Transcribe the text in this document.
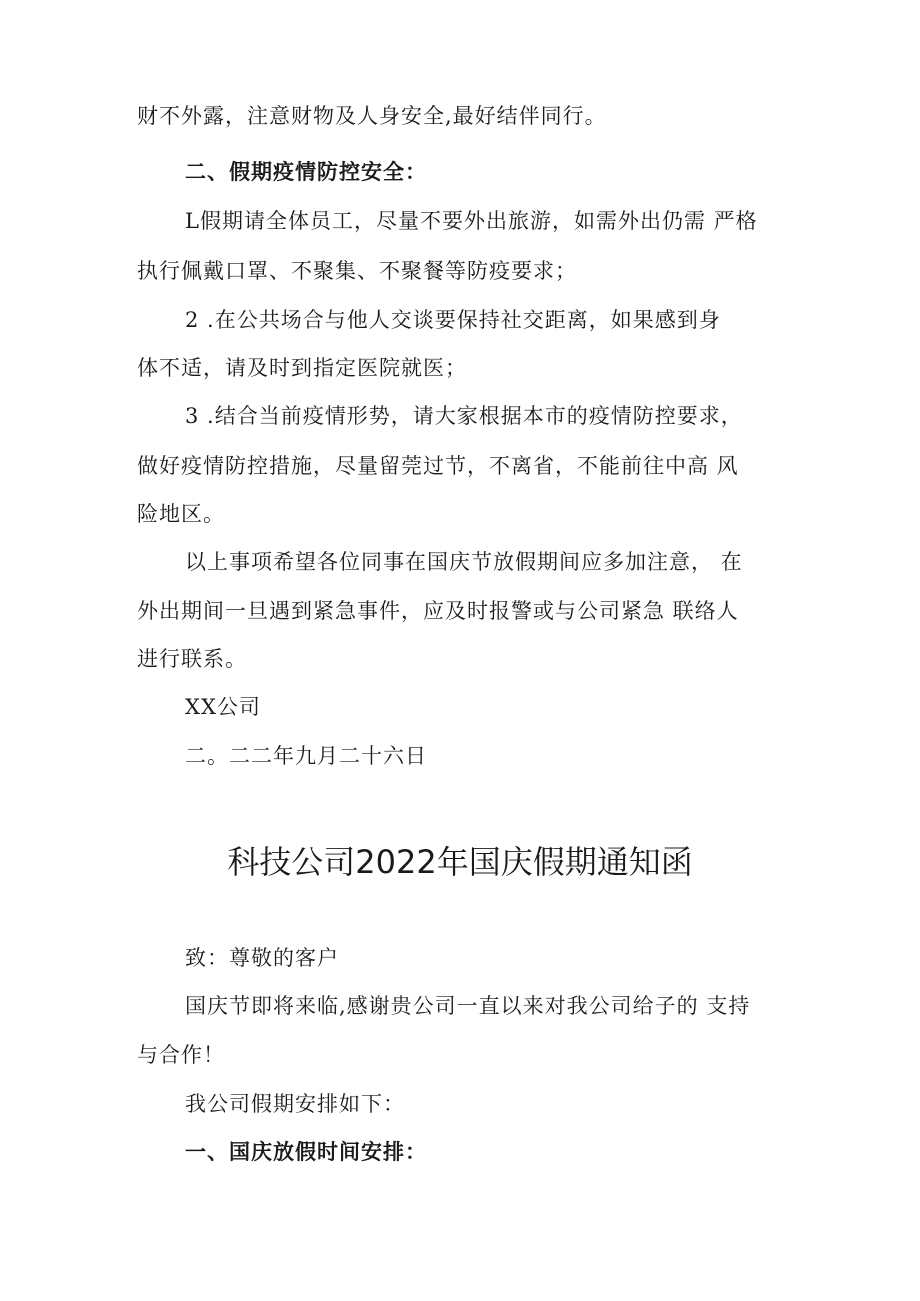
财不外露，注意财物及人身安全,最好结伴同行。
二、假期疫情防控安全：
L假期请全体员工，尽量不要外出旅游，如需外出仍需 严格
执行佩戴口罩、不聚集、不聚餐等防疫要求；
2 .在公共场合与他人交谈要保持社交距离，如果感到身
体不适，请及时到指定医院就医；
3 .结合当前疫情形势，请大家根据本市的疫情防控要求，
做好疫情防控措施，尽量留莞过节，不离省，不能前往中高 风
险地区。
以上事项希望各位同事在国庆节放假期间应多加注意， 在
外出期间一旦遇到紧急事件，应及时报警或与公司紧急 联络人
进行联系。
XX公司
二。二二年九月二十六日
科技公司2022年国庆假期通知函
致：尊敬的客户
国庆节即将来临,感谢贵公司一直以来对我公司给子的 支持
与合作！
我公司假期安排如下：
一、国庆放假时间安排：
